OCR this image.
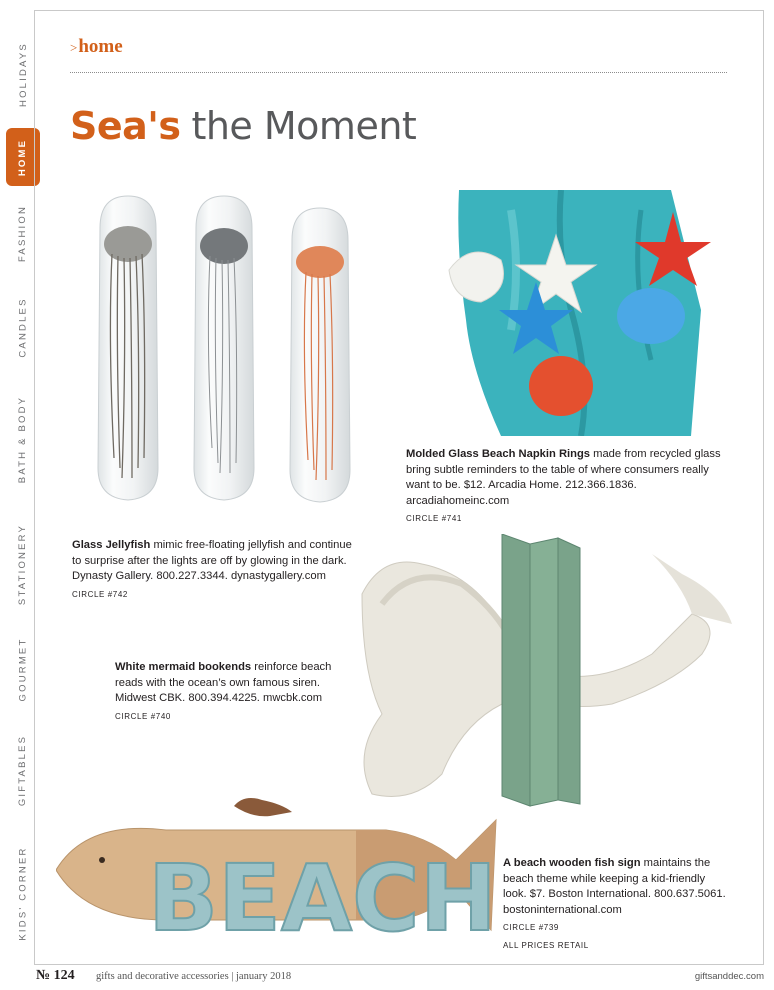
HOLIDAYS
HOME
FASHION
CANDLES
BATH & BODY
STATIONERY
GOURMET
GIFTABLES
KIDS' CORNER
>home
Sea's the Moment
BEACH
Molded Glass Beach Napkin Rings made from recycled glass bring subtle reminders to the table of where consumers really want to be. $12. Arcadia Home. 212.366.1836. arcadiahomeinc.com
CIRCLE #741
Glass Jellyfish mimic free-floating jellyfish and continue to surprise after the lights are off by glowing in the dark. Dynasty Gallery. 800.227.3344. dynastygallery.com
CIRCLE #742
White mermaid bookends reinforce beach reads with the ocean’s own famous siren. Midwest CBK. 800.394.4225. mwcbk.com
CIRCLE #740
A beach wooden fish sign maintains the beach theme while keeping a kid-friendly look. $7. Boston International. 800.637.5061. bostoninternational.com
CIRCLE #739
ALL PRICES RETAIL
№ 124 gifts and decorative accessories | january 2018	giftsanddec.com
